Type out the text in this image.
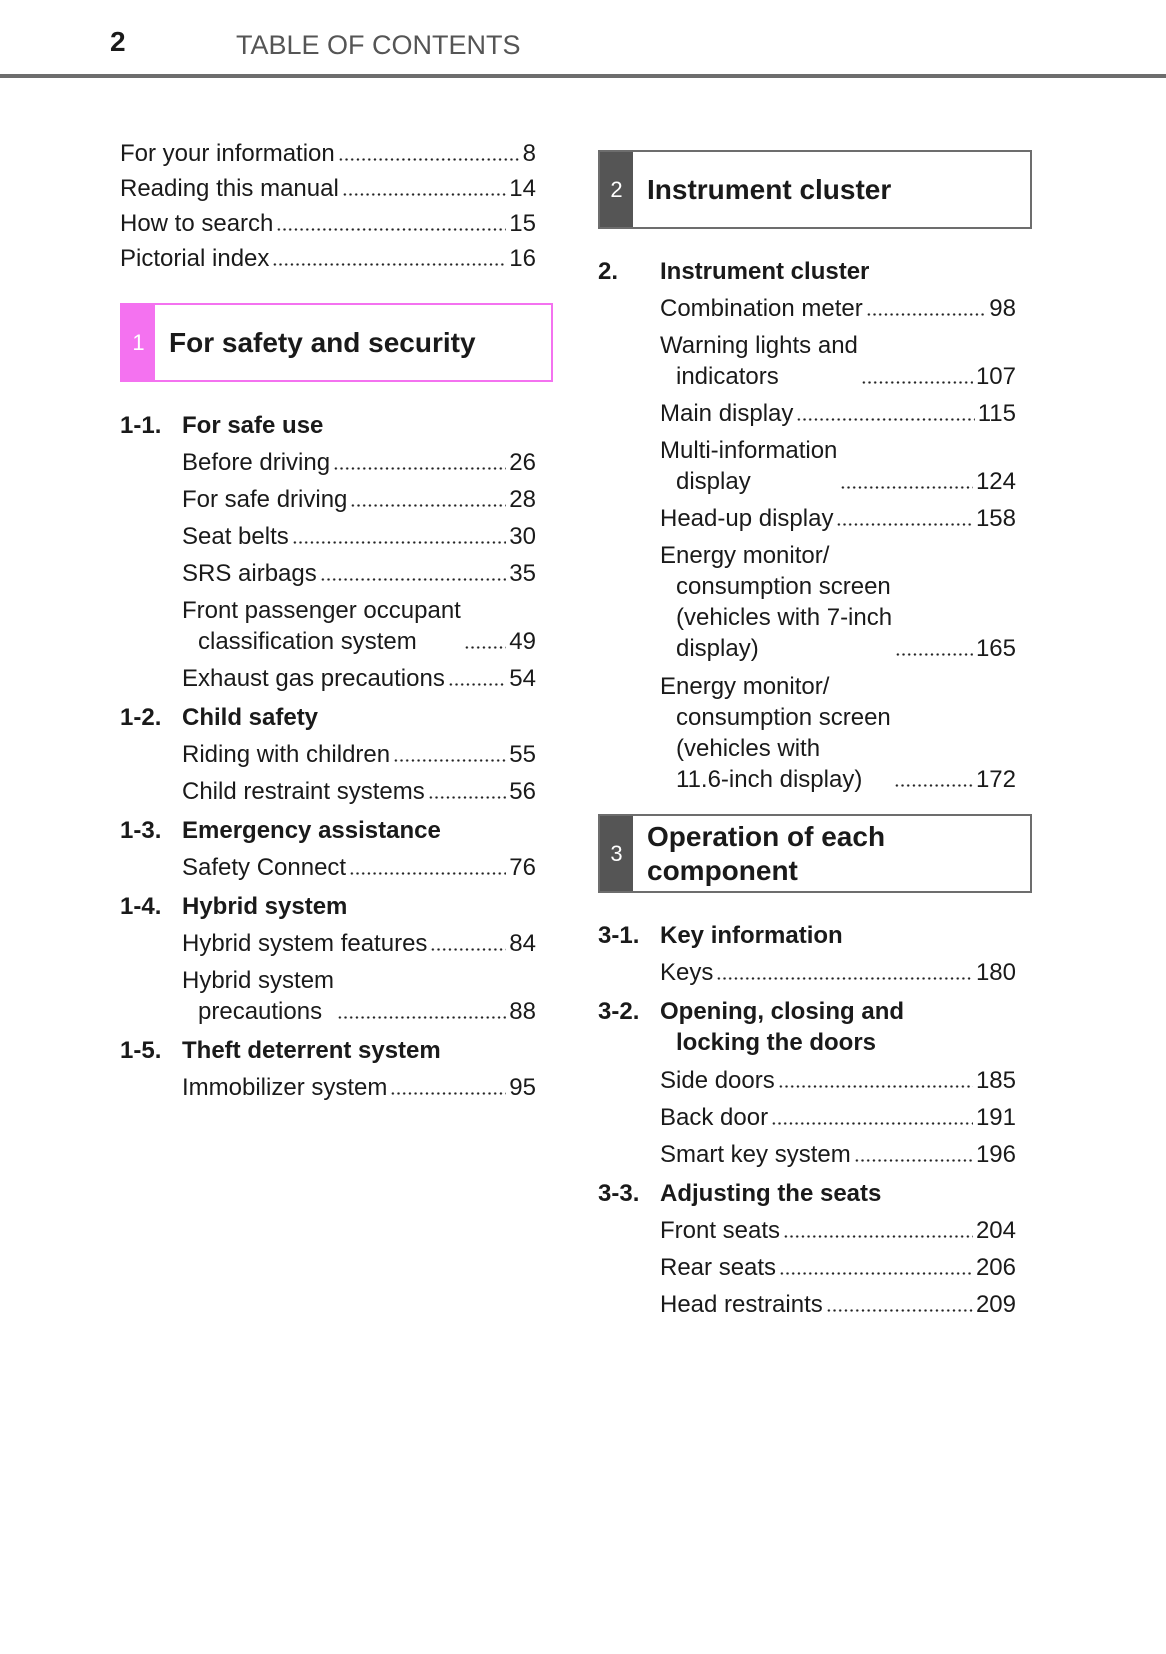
2	TABLE OF CONTENTS
For your information	8
Reading this manual	14
How to search	15
Pictorial index	16
1 For safety and security
1-1. For safe use
Before driving	26
For safe driving	28
Seat belts	30
SRS airbags	35
Front passenger occupant
classification system	49
Exhaust gas precautions	54
1-2. Child safety
Riding with children	55
Child restraint systems	56
1-3. Emergency assistance
Safety Connect	76
1-4. Hybrid system
Hybrid system features	84
Hybrid system
precautions	88
1-5. Theft deterrent system
Immobilizer system	95
2 Instrument cluster
2.	Instrument cluster
Combination meter	98
Warning lights and
indicators	107
Main display	115
Multi-information
display	124
Head-up display	158
Energy monitor/
consumption screen
(vehicles with 7-inch
display)	165
Energy monitor/
consumption screen
(vehicles with
11.6-inch display)	172
3
Operation of each
component
3-1. Key information
Keys	180
3-2. Opening, closing and
locking the doors
Side doors	185
Back door	191
Smart key system	196
3-3. Adjusting the seats
Front seats	204
Rear seats	206
Head restraints	209
